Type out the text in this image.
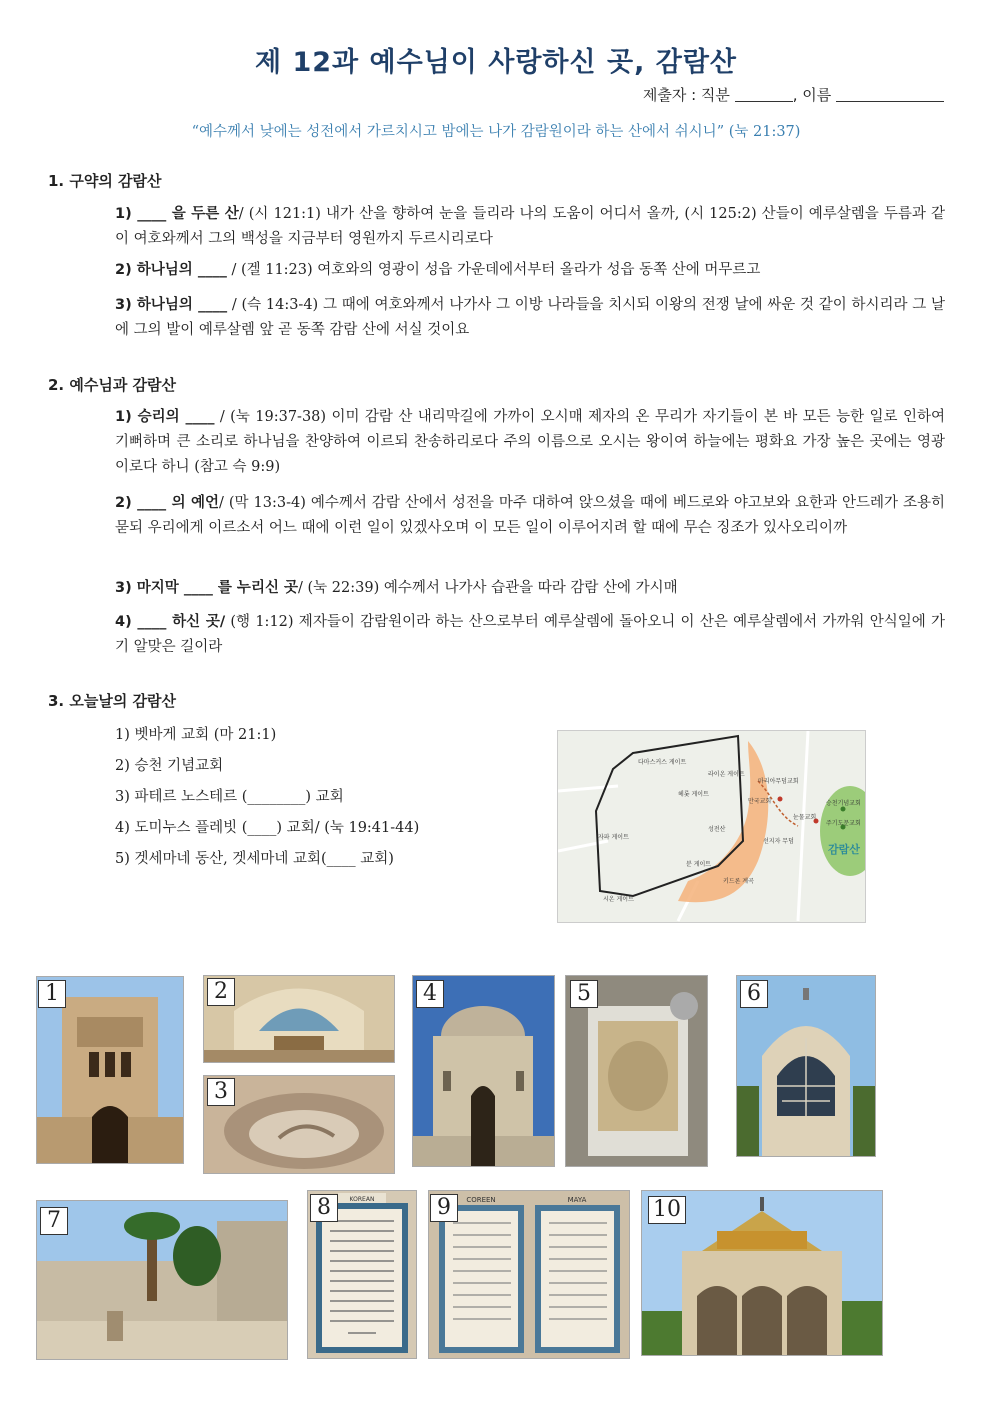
제 12과 예수님이 사랑하신 곳, 감람산
제출자 : 직분	, 이름
“예수께서 낮에는 성전에서 가르치시고 밤에는 나가 감람원이라 하는 산에서 쉬시니” (눅 21:37)
1. 구약의 감람산
1) ____ 을 두른 산/ (시 121:1) 내가 산을 향하여 눈을 들리라 나의 도움이 어디서 올까, (시 125:2) 산들이 예루살렘을 두름과 같이 여호와께서 그의 백성을 지금부터 영원까지 두르시리로다
2) 하나님의 ____ / (겔 11:23) 여호와의 영광이 성읍 가운데에서부터 올라가 성읍 동쪽 산에 머무르고
3) 하나님의 ____ / (슥 14:3-4) 그 때에 여호와께서 나가사 그 이방 나라들을 치시되 이왕의 전쟁 날에 싸운 것 같이 하시리라 그 날에 그의 발이 예루살렘 앞 곧 동쪽 감람 산에 서실 것이요
2. 예수님과 감람산
1) 승리의 ____ / (눅 19:37-38) 이미 감람 산 내리막길에 가까이 오시매 제자의 온 무리가 자기들이 본 바 모든 능한 일로 인하여 기뻐하며 큰 소리로 하나님을 찬양하여 이르되 찬송하리로다 주의 이름으로 오시는 왕이여 하늘에는 평화요 가장 높은 곳에는 영광이로다 하니 (참고 슥 9:9)
2) ____ 의 예언/ (막 13:3-4) 예수께서 감람 산에서 성전을 마주 대하여 앉으셨을 때에 베드로와 야고보와 요한과 안드레가 조용히 묻되 우리에게 이르소서 어느 때에 이런 일이 있겠사오며 이 모든 일이 이루어지려 할 때에 무슨 징조가 있사오리이까
3) 마지막 ____ 를 누리신 곳/ (눅 22:39) 예수께서 나가사 습관을 따라 감람 산에 가시매
4) ____ 하신 곳/ (행 1:12) 제자들이 감람원이라 하는 산으로부터 예루살렘에 돌아오니 이 산은 예루살렘에서 가까워 안식일에 가기 알맞은 길이라
3. 오늘날의 감람산
1) 벳바게 교회 (마 21:1)
2) 승천 기념교회
3) 파테르 노스테르 (________) 교회
4) 도미누스 플레빗 (____) 교회/ (눅 19:41-44)
5) 겟세마네 동산, 겟세마네 교회(____ 교회)
다마스커스 게이트
라이온 게이트
마리아무덤교회
헤롯 게이트
만국교회	승천기념교회
주기도문교회
눈물교회
자파 게이트
성전산
선지자 무덤
감람산
분 게이트
시온 게이트
키드론 계곡
1	2
3
4	5	6
7
KOREAN
8	COREEN	MAYA
9	10
